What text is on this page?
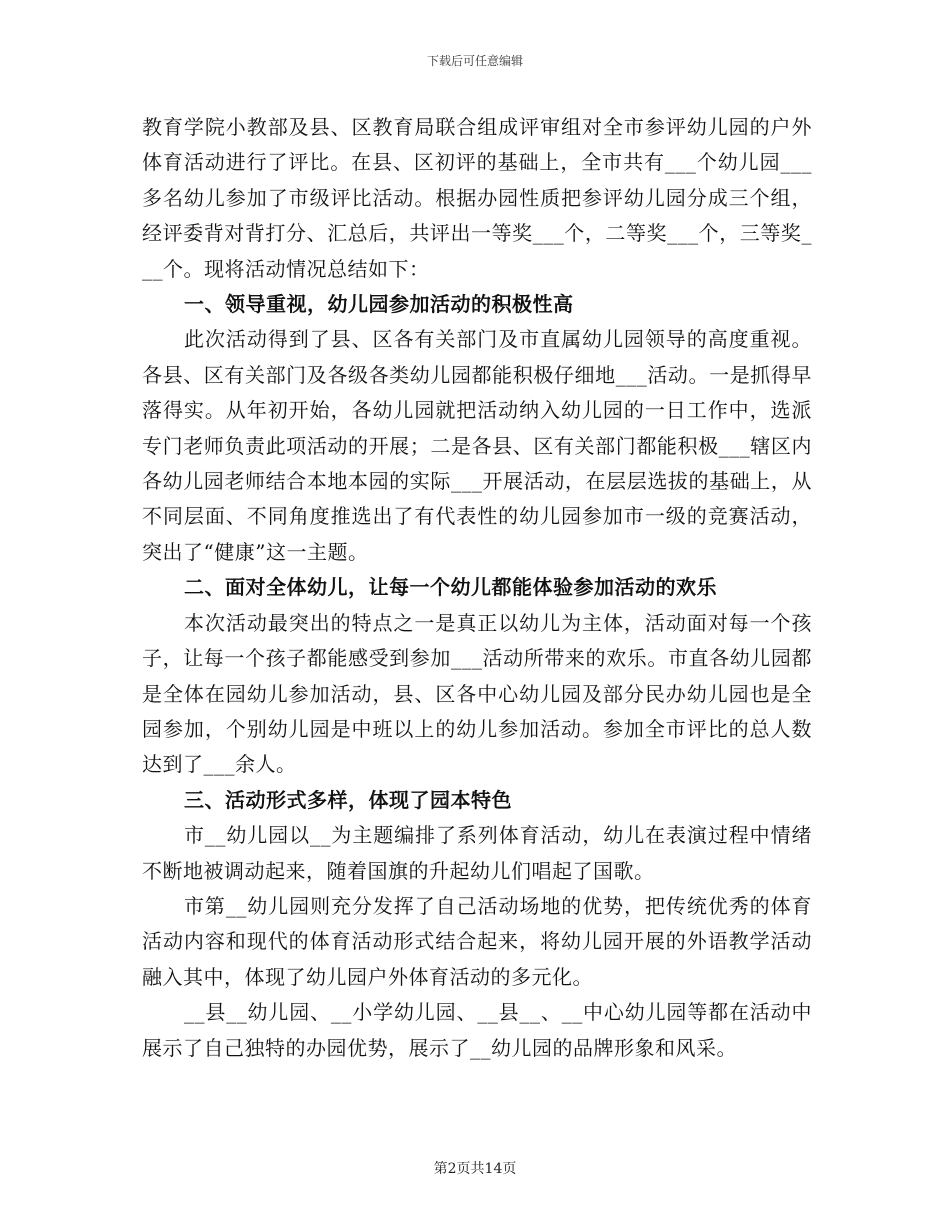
下载后可任意编辑

教育学院小教部及县、区教育局联合组成评审组对全市参评幼儿园的户外体育活动进行了评比。在县、区初评的基础上，全市共有___个幼儿园___多名幼儿参加了市级评比活动。根据办园性质把参评幼儿园分成三个组，经评委背对背打分、汇总后，共评出一等奖___个，二等奖___个，三等奖___个。现将活动情况总结如下：

一、领导重视，幼儿园参加活动的积极性高

此次活动得到了县、区各有关部门及市直属幼儿园领导的高度重视。各县、区有关部门及各级各类幼儿园都能积极仔细地___活动。一是抓得早落得实。从年初开始，各幼儿园就把活动纳入幼儿园的一日工作中，选派专门老师负责此项活动的开展；二是各县、区有关部门都能积极___辖区内各幼儿园老师结合本地本园的实际___开展活动，在层层选拔的基础上，从不同层面、不同角度推选出了有代表性的幼儿园参加市一级的竞赛活动，突出了“健康”这一主题。

二、面对全体幼儿，让每一个幼儿都能体验参加活动的欢乐

本次活动最突出的特点之一是真正以幼儿为主体，活动面对每一个孩子，让每一个孩子都能感受到参加___活动所带来的欢乐。市直各幼儿园都是全体在园幼儿参加活动，县、区各中心幼儿园及部分民办幼儿园也是全园参加，个别幼儿园是中班以上的幼儿参加活动。参加全市评比的总人数达到了___余人。

三、活动形式多样，体现了园本特色

市__幼儿园以__为主题编排了系列体育活动，幼儿在表演过程中情绪不断地被调动起来，随着国旗的升起幼儿们唱起了国歌。

市第__幼儿园则充分发挥了自己活动场地的优势，把传统优秀的体育活动内容和现代的体育活动形式结合起来，将幼儿园开展的外语教学活动融入其中，体现了幼儿园户外体育活动的多元化。

__县__幼儿园、__小学幼儿园、__县__、__中心幼儿园等都在活动中展示了自己独特的办园优势，展示了__幼儿园的品牌形象和风采。

第2页共14页
